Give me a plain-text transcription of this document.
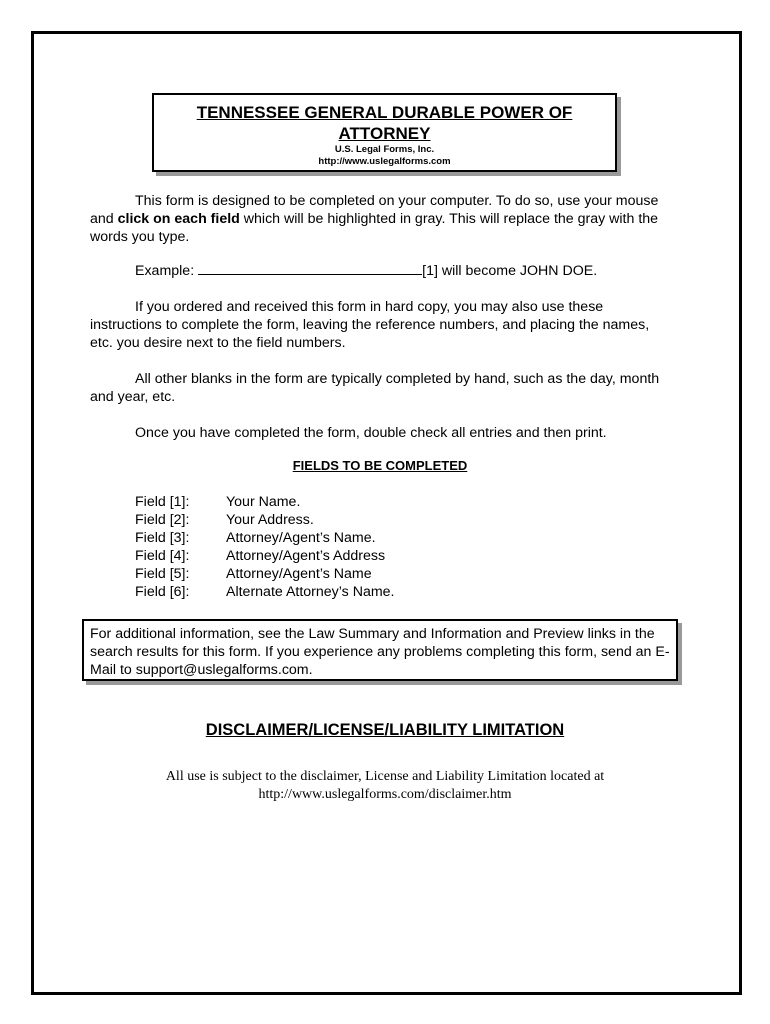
TENNESSEE GENERAL DURABLE POWER OF ATTORNEY
U.S. Legal Forms, Inc.
http://www.uslegalforms.com
This form is designed to be completed on your computer. To do so, use your mouse and click on each field which will be highlighted in gray. This will replace the gray with the words you type.
Example:	[1] will become JOHN DOE.
If you ordered and received this form in hard copy, you may also use these instructions to complete the form, leaving the reference numbers, and placing the names, etc. you desire next to the field numbers.
All other blanks in the form are typically completed by hand, such as the day, month and year, etc.
Once you have completed the form, double check all entries and then print.
FIELDS TO BE COMPLETED
Field [1]:	Your Name.
Field [2]:	Your Address.
Field [3]:	Attorney/Agent’s Name.
Field [4]:	Attorney/Agent’s Address
Field [5]:	Attorney/Agent’s Name
Field [6]:	Alternate Attorney’s Name.
For additional information, see the Law Summary and Information and Preview links in the search results for this form. If you experience any problems completing this form, send an E-Mail to support@uslegalforms.com.
DISCLAIMER/LICENSE/LIABILITY LIMITATION
All use is subject to the disclaimer, License and Liability Limitation located at
http://www.uslegalforms.com/disclaimer.htm
